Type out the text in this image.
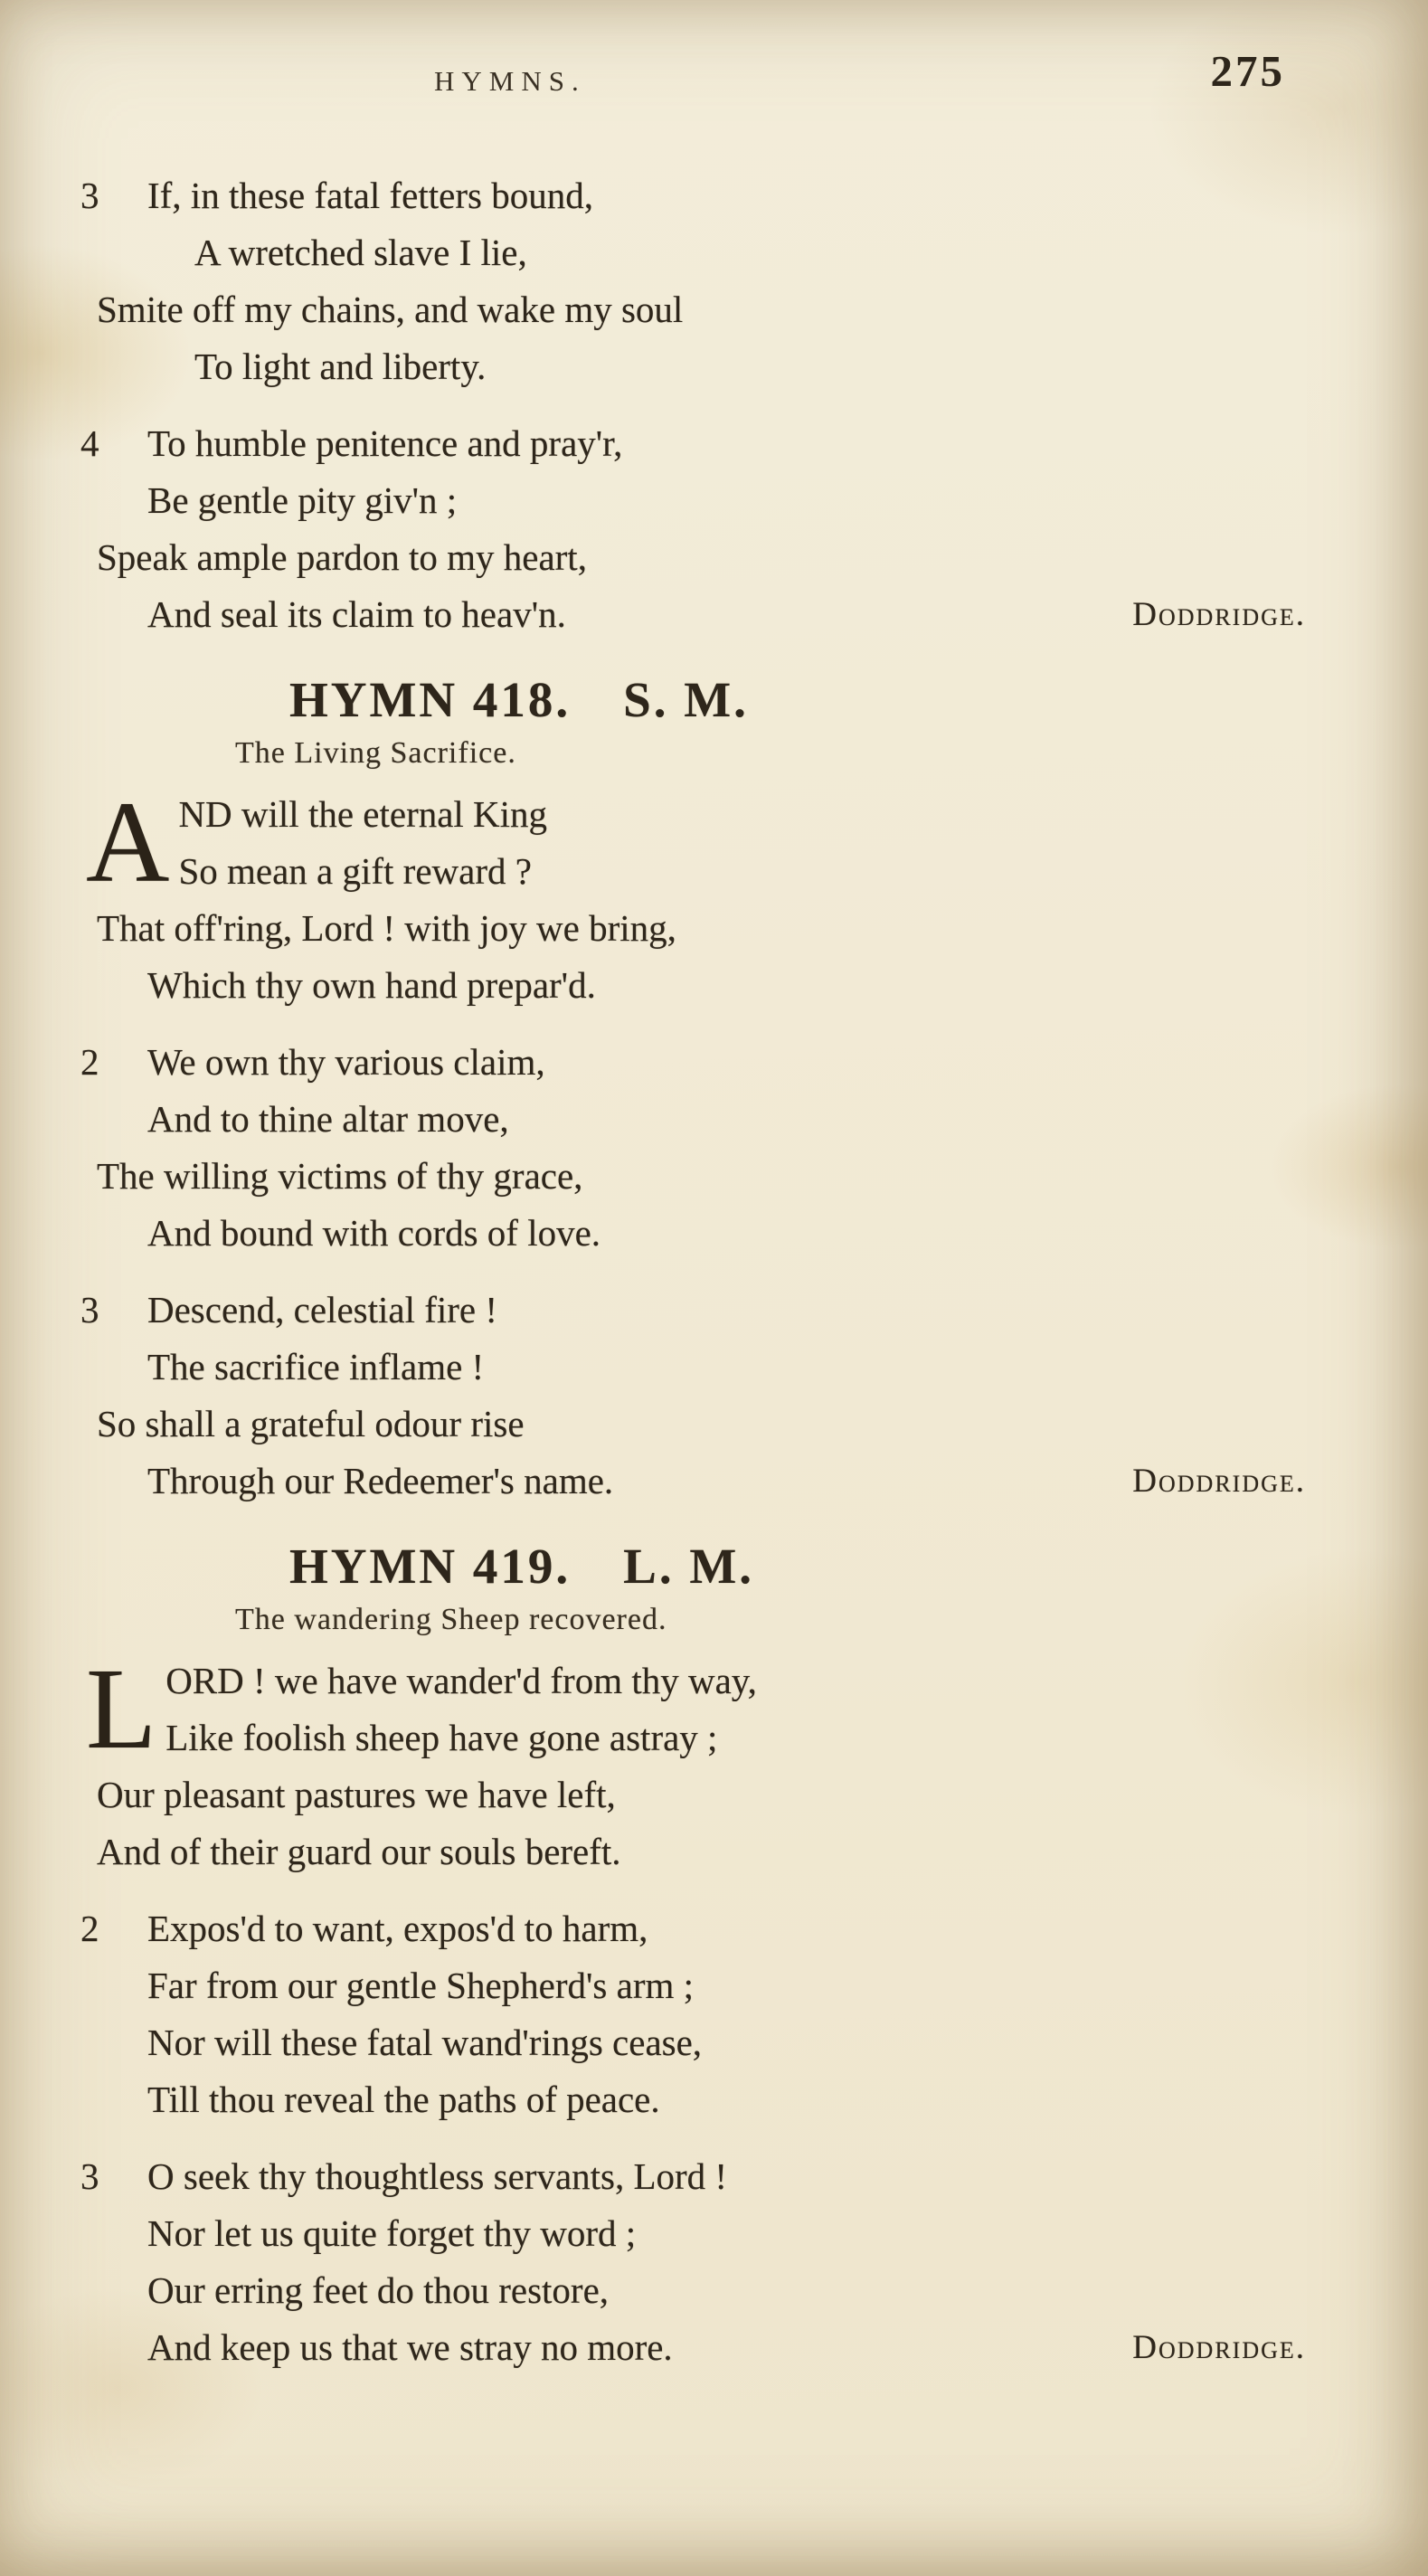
HYMNS.	275
3 If, in these fatal fetters bound,
A wretched slave I lie,
Smite off my chains, and wake my soul
To light and liberty.
4 To humble penitence and pray'r,
Be gentle pity giv'n ;
Speak ample pardon to my heart,
Doddridge.
And seal its claim to heav'n.
HYMN 418. S. M.
The Living Sacrifice.
A ND will the eternal King
So mean a gift reward ?
That off'ring, Lord ! with joy we bring,
Which thy own hand prepar'd.
2 We own thy various claim,
And to thine altar move,
The willing victims of thy grace,
And bound with cords of love.
3 Descend, celestial fire !
The sacrifice inflame !
So shall a grateful odour rise
Doddridge.
Through our Redeemer's name.
HYMN 419. L. M.
The wandering Sheep recovered.
L ORD ! we have wander'd from thy way,
Like foolish sheep have gone astray ;
Our pleasant pastures we have left,
And of their guard our souls bereft.
2 Expos'd to want, expos'd to harm,
Far from our gentle Shepherd's arm ;
Nor will these fatal wand'rings cease,
Till thou reveal the paths of peace.
3 O seek thy thoughtless servants, Lord !
Nor let us quite forget thy word ;
Our erring feet do thou restore,
Doddridge.
And keep us that we stray no more.
